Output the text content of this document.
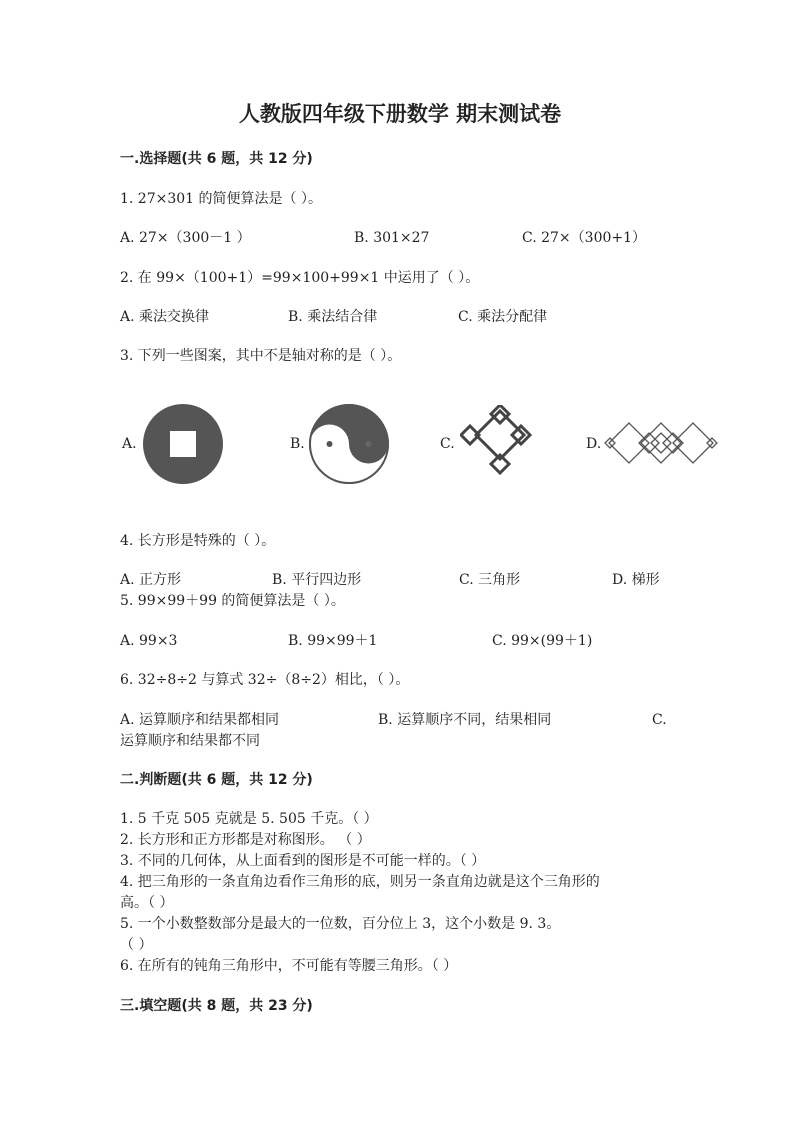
人教版四年级下册数学 期末测试卷
一.选择题(共 6 题，共 12 分)
1. 27×301 的简便算法是（ ）。
A. 27×（300－1 ）	B. 301×27	C. 27×（300+1）
2. 在 99×（100+1）=99×100+99×1 中运用了（ ）。
A. 乘法交换律	B. 乘法结合律	C. 乘法分配律
3. 下列一些图案，其中不是轴对称的是（ ）。
A.	B.	C.	D.
4. 长方形是特殊的（ ）。
A. 正方形	B. 平行四边形	C. 三角形	D. 梯形
5. 99×99＋99 的简便算法是（ ）。
A. 99×3	B. 99×99＋1	C. 99×(99＋1)
6. 32÷8÷2 与算式 32÷（8÷2）相比，（ ）。
A. 运算顺序和结果都相同	B. 运算顺序不同，结果相同	C.
运算顺序和结果都不同
二.判断题(共 6 题，共 12 分)
1. 5 千克 505 克就是 5. 505 千克。（ ）
2. 长方形和正方形都是对称图形。 （ ）
3. 不同的几何体，从上面看到的图形是不可能一样的。（ ）
4. 把三角形的一条直角边看作三角形的底，则另一条直角边就是这个三角形的
高。（ ）
5. 一个小数整数部分是最大的一位数，百分位上 3，这个小数是 9. 3。
（ ）
6. 在所有的钝角三角形中，不可能有等腰三角形。（ ）
三.填空题(共 8 题，共 23 分)
